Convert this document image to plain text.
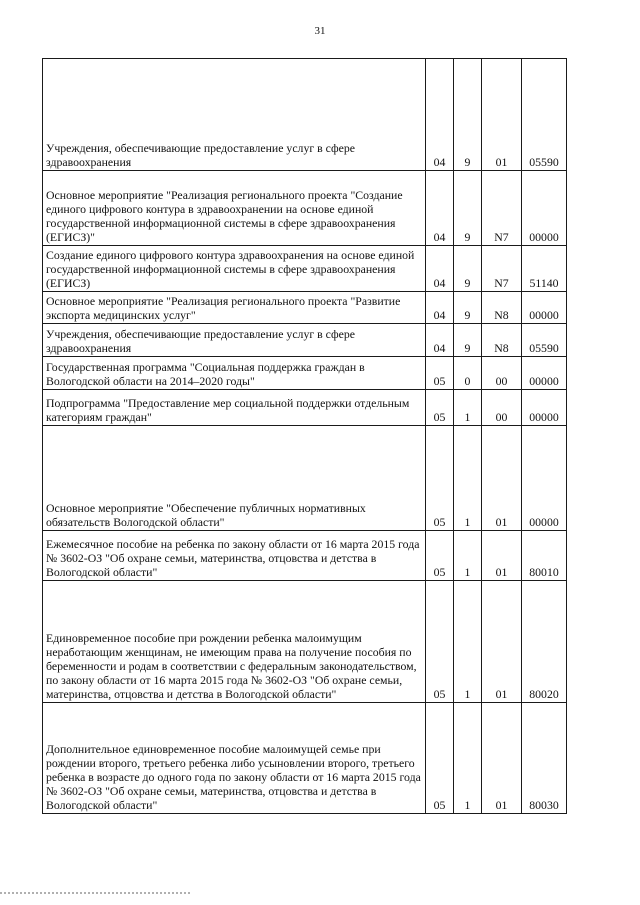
31
Учреждения, обеспечивающие предоставление услуг в сфере здравоохранения	04	9	01	05590
Основное мероприятие "Реализация регионального проекта "Создание единого цифрового контура в здравоохранении на основе единой государственной информационной системы в сфере здравоохранения (ЕГИСЗ)"	04	9	N7	00000
Создание единого цифрового контура здравоохранения на основе единой государственной информационной системы в сфере здравоохранения (ЕГИСЗ)	04	9	N7	51140
Основное мероприятие "Реализация регионального проекта "Развитие экспорта медицинских услуг"	04	9	N8	00000
Учреждения, обеспечивающие предоставление услуг в сфере здравоохранения	04	9	N8	05590
Государственная программа "Социальная поддержка граждан в Вологодской области на 2014–2020 годы"	05	0	00	00000
Подпрограмма "Предоставление мер социальной поддержки отдельным категориям граждан"	05	1	00	00000
Основное мероприятие "Обеспечение публичных нормативных обязательств Вологодской области"	05	1	01	00000
Ежемесячное пособие на ребенка по закону области от 16 марта 2015 года № 3602-ОЗ "Об охране семьи, материнства, отцовства и детства в Вологодской области"	05	1	01	80010
Единовременное пособие при рождении ребенка малоимущим неработающим женщинам, не имеющим права на получение пособия по беременности и родам в соответствии с федеральным законодательством, по закону области от 16 марта 2015 года № 3602-ОЗ "Об охране семьи, материнства, отцовства и детства в Вологодской области"	05	1	01	80020
Дополнительное единовременное пособие малоимущей семье при рождении второго, третьего ребенка либо усыновлении второго, третьего ребенка в возрасте до одного года по закону области от 16 марта 2015 года № 3602-ОЗ "Об охране семьи, материнства, отцовства и детства в Вологодской области"	05	1	01	80030
